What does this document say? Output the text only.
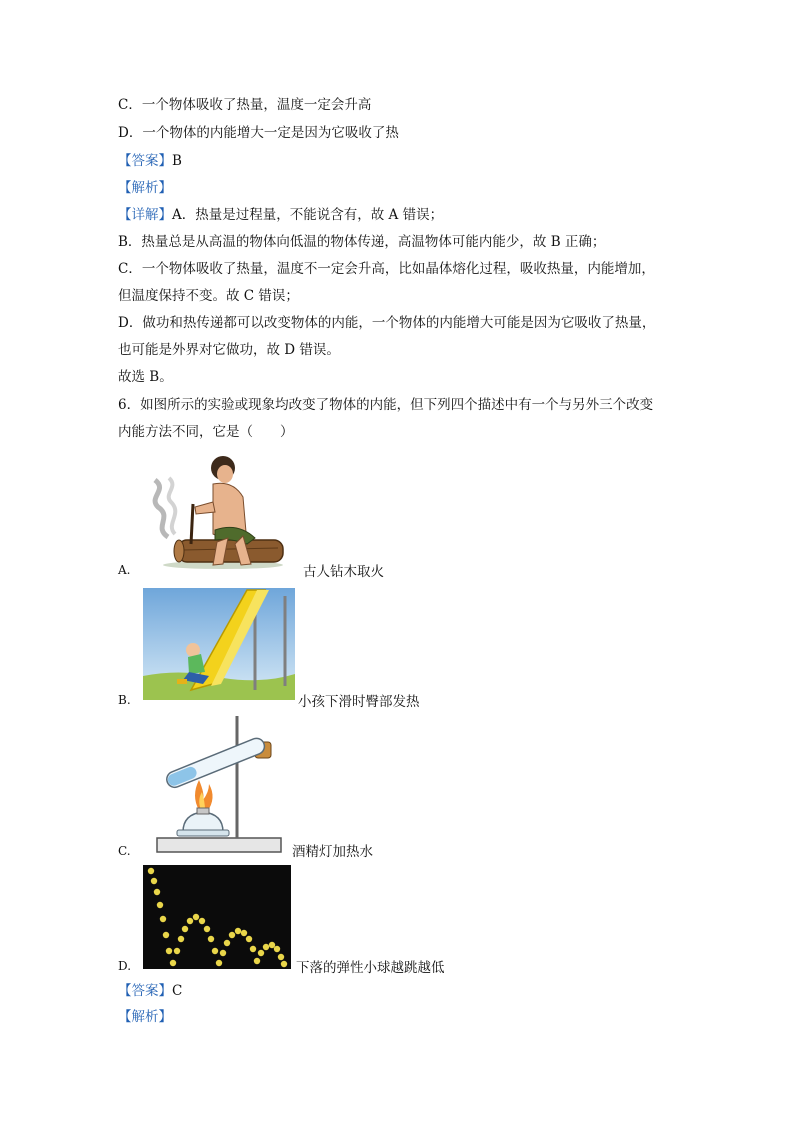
C．一个物体吸收了热量，温度一定会升高
D．一个物体的内能增大一定是因为它吸收了热
【答案】B
【解析】
【详解】A．热量是过程量，不能说含有，故 A 错误；
B．热量总是从高温的物体向低温的物体传递，高温物体可能内能少，故 B 正确；
C．一个物体吸收了热量，温度不一定会升高，比如晶体熔化过程，吸收热量，内能增加，
但温度保持不变。故 C 错误；
D．做功和热传递都可以改变物体的内能，一个物体的内能增大可能是因为它吸收了热量，
也可能是外界对它做功，故 D 错误。
故选 B。
6．如图所示的实验或现象均改变了物体的内能，但下列四个描述中有一个与另外三个改变
内能方法不同，它是（　　）
A.	古人钻木取火
B.	小孩下滑时臀部发热
C.	酒精灯加热水
D.	下落的弹性小球越跳越低
【答案】C
【解析】
